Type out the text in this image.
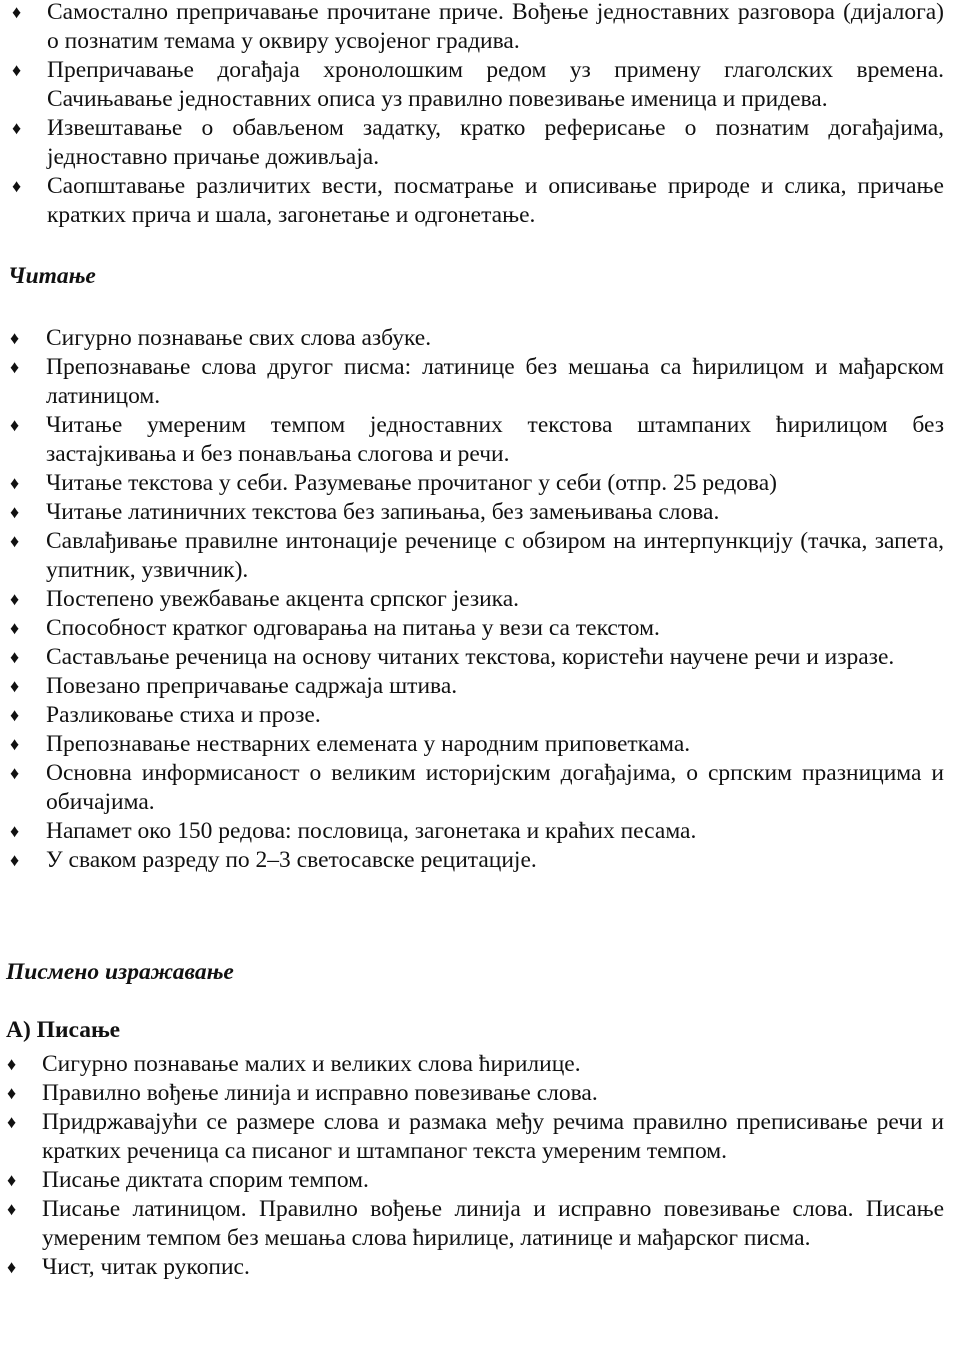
♦ Самостално препричавање прочитане приче. Вођење једноставних разговора (дијалога) о познатим темама у оквиру усвојеног градива.
♦ Препричавање догађаја хронолошким редом уз примену глаголских времена. Сачињавање једноставних описа уз правилно повезивање именица и придева.
♦ Извештавање о обављеном задатку, кратко реферисање о познатим догађајима, једноставно причање доживљаја.
♦ Саопштавање различитих вести, посматрање и описивање природе и слика, причање кратких прича и шала, загонетање и одгонетање.
Читање
♦ Сигурно познавање свих слова азбуке.
♦ Препознавање слова другог писма: латинице без мешања са ћирилицом и мађарском латиницом.
♦ Читање умереним темпом једноставних текстова штампаних ћирилицом без застајкивања и без понављања слогова и речи.
♦ Читање текстова у себи. Разумевање прочитаног у себи (отпр. 25 редова)
♦ Читање латиничних текстова без запињања, без замењивања слова.
♦ Савлађивање правилне интонације реченице с обзиром на интерпункцију (тачка, запета, упитник, узвичник).
♦ Постепено увежбавање акцента српског језика.
♦ Способност кратког одговарања на питања у вези са текстом.
♦ Састављање реченица на основу читаних текстова, користећи научене речи и изразе.
♦ Повезано препричавање садржаја штива.
♦ Разликовање стиха и прозе.
♦ Препознавање нестварних елемената у народним приповеткама.
♦ Основна информисаност о великим историјским догађајима, о српским празницима и обичајима.
♦ Напамет око 150 редова: пословица, загонетака и краћих песама.
♦ У сваком разреду по 2–3 светосавске рецитације.
Писмено изражавање
А) Писање
♦ Сигурно познавање малих и великих слова ћирилице.
♦ Правилно вођење линија и исправно повезивање слова.
♦ Придржавајући се размере слова и размака међу речима правилно преписивање речи и кратких реченица са писаног и штампаног текста умереним темпом.
♦ Писање диктата спорим темпом.
♦ Писање латиницом. Правилно вођење линија и исправно повезивање слова. Писање умереним темпом без мешања слова ћирилице, латинице и мађарског писма.
♦ Чист, читак рукопис.
